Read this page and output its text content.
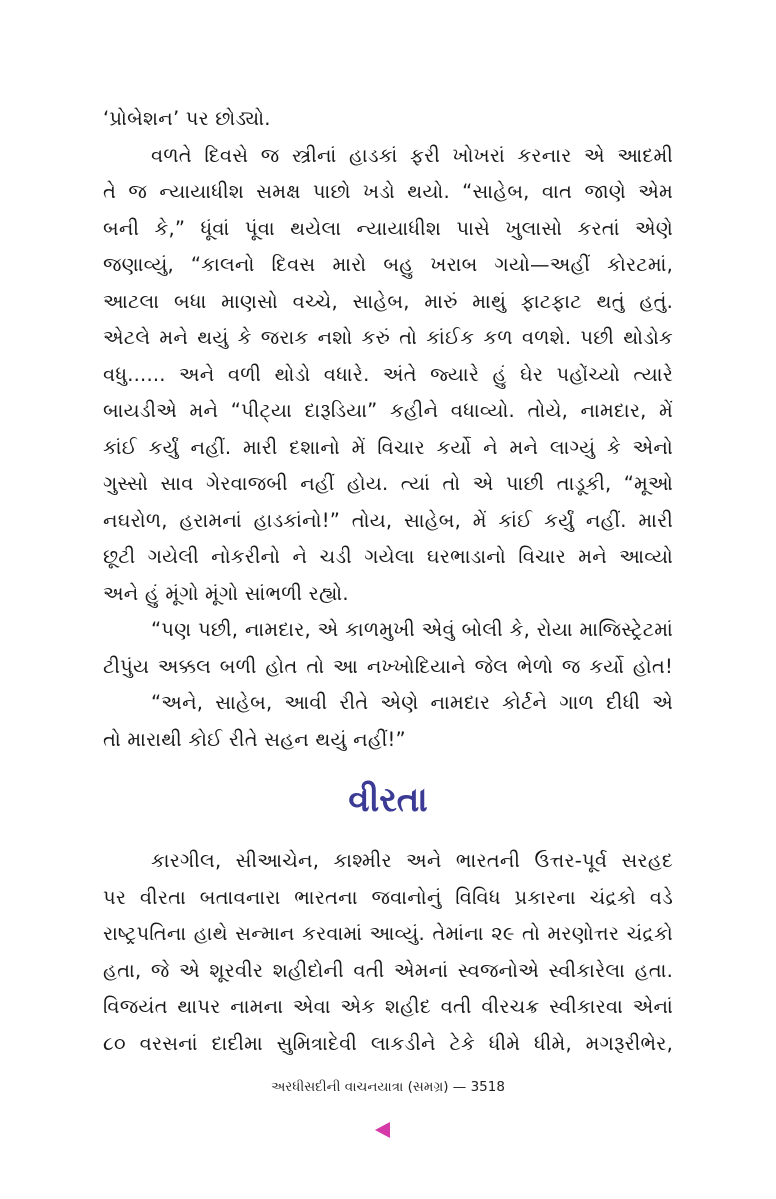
‘પ્રોબેશન’ પર છોડ્યો.
વળતે દિવસે જ સ્ત્રીનાં હાડકાં ફરી ખોખરાં કરનાર એ આદમી
તે જ ન્યાયાધીશ સમક્ષ પાછો ખડો થયો. “સાહેબ, વાત જાણે એમ
બની કે,” ધૂંવાં પૂંવા થયેલા ન્યાયાધીશ પાસે ખુલાસો કરતાં એણે
જણાવ્યું, “કાલનો દિવસ મારો બહુ ખરાબ ગયો—અહીં કોરટમાં,
આટલા બધા માણસો વચ્ચે, સાહેબ, મારું માથું ફાટફાટ થતું હતું.
એટલે મને થયું કે જરાક નશો કરું તો કાંઈક કળ વળશે. પછી થોડોક
વધુ...... અને વળી થોડો વધારે. અંતે જ્યારે હું ઘેર પહોંચ્યો ત્યારે
બાયડીએ મને “પીટ્યા દારૂડિયા” કહીને વધાવ્યો. તોયે, નામદાર, મેં
કાંઈ કર્યું નહીં. મારી દશાનો મેં વિચાર કર્યો ને મને લાગ્યું કે એનો
ગુસ્સો સાવ ગેરવાજબી નહીં હોય. ત્યાં તો એ પાછી તાડૂકી, “મૂઓ
નઘરોળ, હરામનાં હાડકાંનો!” તોય, સાહેબ, મેં કાંઈ કર્યું નહીં. મારી
છૂટી ગયેલી નોકરીનો ને ચડી ગયેલા ઘરભાડાનો વિચાર મને આવ્યો
અને હું મૂંગો મૂંગો સાંભળી રહ્યો.
“પણ પછી, નામદાર, એ કાળમુખી એવું બોલી કે, રોયા માજિસ્ટ્રેટમાં
ટીપુંય અક્કલ બળી હોત તો આ નખ્ખોદિયાને જેલ ભેળો જ કર્યો હોત!
“અને, સાહેબ, આવી રીતે એણે નામદાર કોર્ટને ગાળ દીધી એ
તો મારાથી કોઈ રીતે સહન થયું નહીં!”
વીરતા
કારગીલ, સીઆચેન, કાશ્મીર અને ભારતની ઉત્તર-પૂર્વ સરહદ
પર વીરતા બતાવનારા ભારતના જવાનોનું વિવિધ પ્રકારના ચંદ્રકો વડે
રાષ્ટ્રપતિના હાથે સન્માન કરવામાં આવ્યું. તેમાંના ૨૯ તો મરણોત્તર ચંદ્રકો
હતા, જે એ શૂરવીર શહીદોની વતી એમનાં સ્વજનોએ સ્વીકારેલા હતા.
વિજયંત થાપર નામના એવા એક શહીદ વતી વીરચક્ર સ્વીકારવા એનાં
૮૦ વરસનાં દાદીમા સુમિત્રાદેવી લાકડીને ટેકે ધીમે ધીમે, મગરૂરીભેર,
અરધીસદીની વાચનયાત્રા (સમગ્ર) — 3518
